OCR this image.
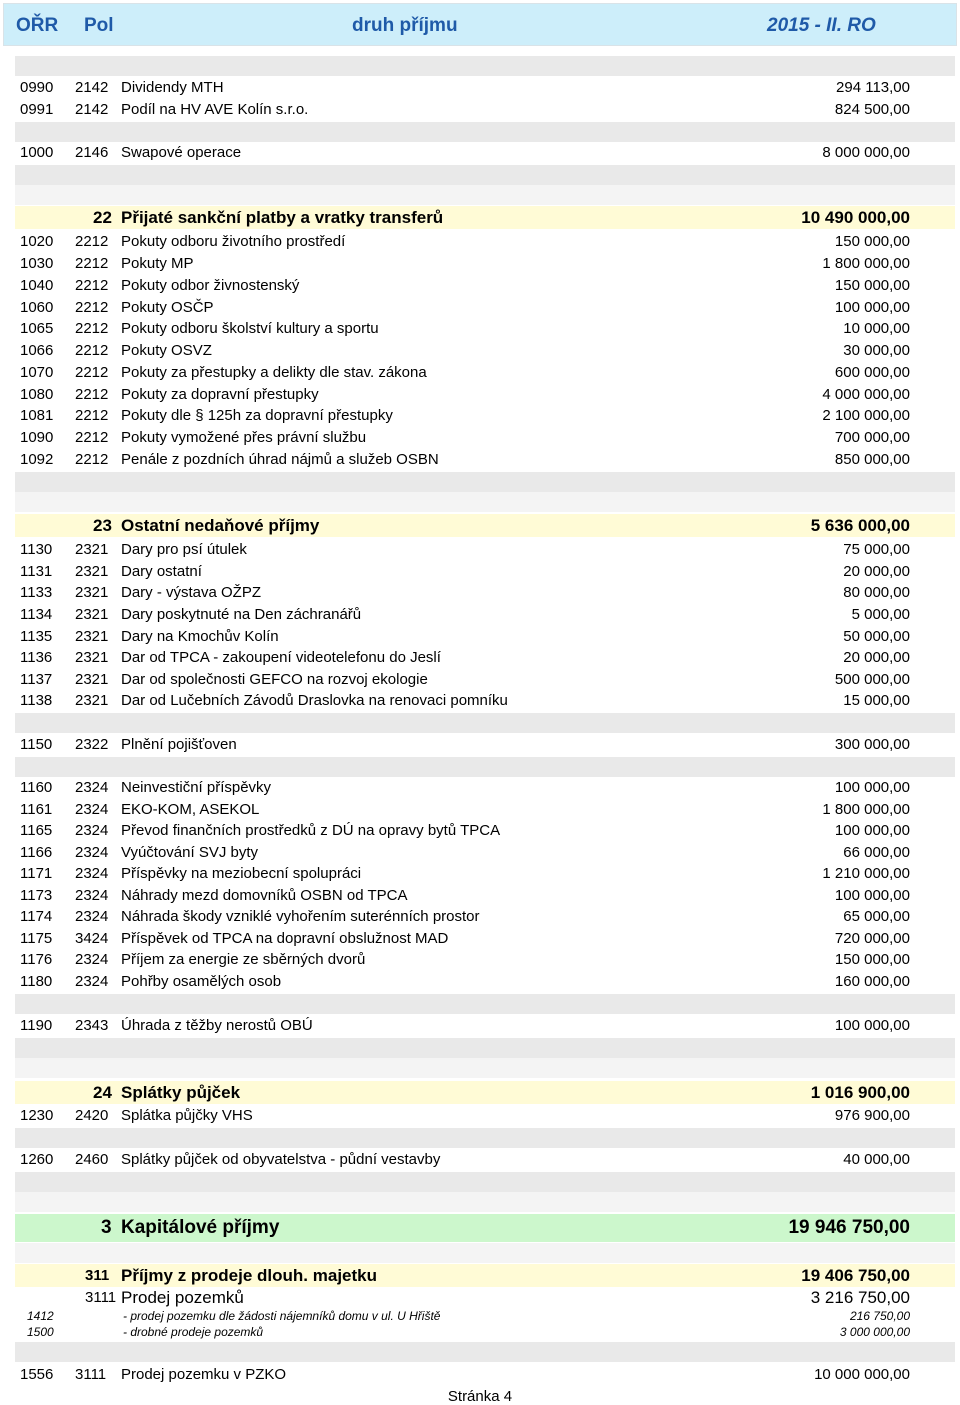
OŘR Pol	druh příjmu	2015 - II. RO
0990 2142 Dividendy MTH	294 113,00
0991 2142 Podíl na HV AVE Kolín s.r.o.	824 500,00
1000 2146 Swapové operace	8 000 000,00
22 Přijaté sankční platby a vratky transferů	10 490 000,00
1020 2212 Pokuty odboru životního prostředí	150 000,00
1030 2212 Pokuty MP	1 800 000,00
1040 2212 Pokuty odbor živnostenský	150 000,00
1060 2212 Pokuty OSČP	100 000,00
1065 2212 Pokuty odboru školství kultury a sportu	10 000,00
1066 2212 Pokuty OSVZ	30 000,00
1070 2212 Pokuty za přestupky a delikty dle stav. zákona	600 000,00
1080 2212 Pokuty za dopravní přestupky	4 000 000,00
1081 2212 Pokuty dle § 125h za dopravní přestupky	2 100 000,00
1090 2212 Pokuty vymožené přes právní službu	700 000,00
1092 2212 Penále z pozdních úhrad nájmů a služeb OSBN	850 000,00
23 Ostatní nedaňové příjmy	5 636 000,00
1130 2321 Dary pro psí útulek	75 000,00
1131 2321 Dary ostatní	20 000,00
1133 2321 Dary - výstava OŽPZ	80 000,00
1134 2321 Dary poskytnuté na Den záchranářů	5 000,00
1135 2321 Dary na Kmochův Kolín	50 000,00
1136 2321 Dar od TPCA - zakoupení videotelefonu do Jeslí	20 000,00
1137 2321 Dar od společnosti GEFCO na rozvoj ekologie	500 000,00
1138 2321 Dar od Lučebních Závodů Draslovka na renovaci pomníku	15 000,00
1150 2322 Plnění pojišťoven	300 000,00
1160 2324 Neinvestiční příspěvky	100 000,00
1161 2324 EKO-KOM, ASEKOL	1 800 000,00
1165 2324 Převod finančních prostředků z DÚ na opravy bytů TPCA	100 000,00
1166 2324 Vyúčtování SVJ byty	66 000,00
1171 2324 Příspěvky na meziobecní spolupráci	1 210 000,00
1173 2324 Náhrady mezd domovníků OSBN od TPCA	100 000,00
1174 2324 Náhrada škody vzniklé vyhořením suterénních prostor	65 000,00
1175 3424 Příspěvek od TPCA na dopravní obslužnost MAD	720 000,00
1176 2324 Příjem za energie ze sběrných dvorů	150 000,00
1180 2324 Pohřby osamělých osob	160 000,00
1190 2343 Úhrada z těžby nerostů OBÚ	100 000,00
24 Splátky půjček	1 016 900,00
1230 2420 Splátka půjčky VHS	976 900,00
1260 2460 Splátky půjček od obyvatelstva - půdní vestavby	40 000,00
3 Kapitálové příjmy	19 946 750,00
311 Příjmy z prodeje dlouh. majetku	19 406 750,00
3111 Prodej pozemků	3 216 750,00
1412	- prodej pozemku dle žádosti nájemníků domu v ul. U Hřiště	216 750,00
1500	- drobné prodeje pozemků	3 000 000,00
1556 3111 Prodej pozemku v PZKO	10 000 000,00
Stránka 4
